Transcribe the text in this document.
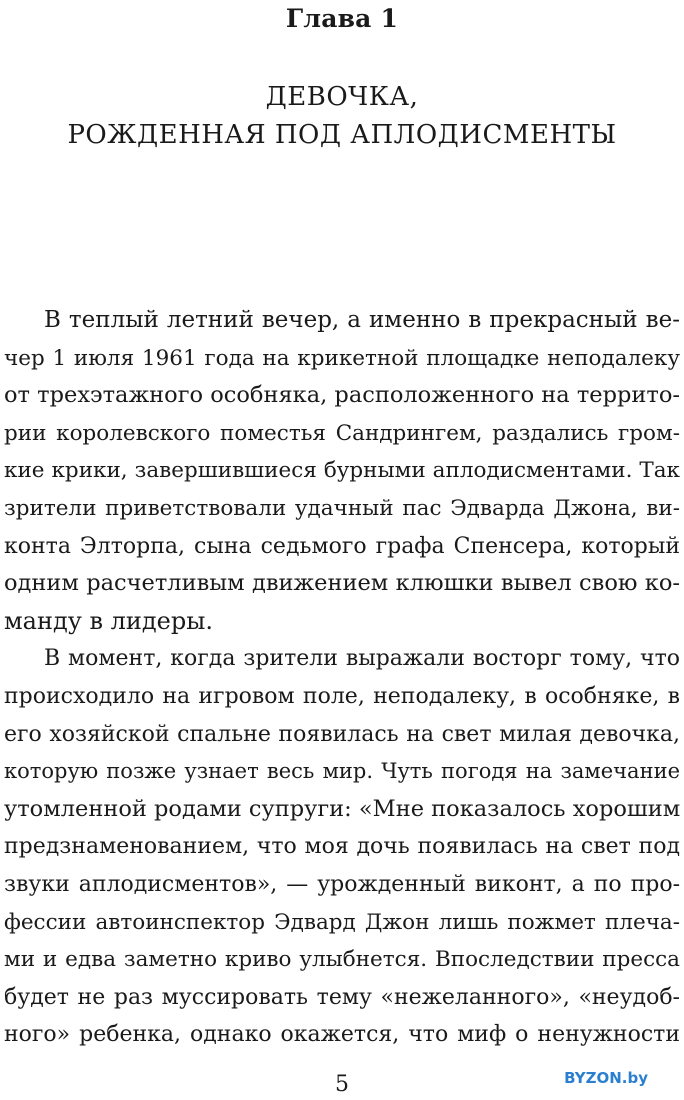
Глава 1
ДЕВОЧКА,
РОЖДЕННАЯ ПОД АПЛОДИСМЕНТЫ
В теплый летний вечер, а именно в прекрасный ве-
чер 1 июля 1961 года на крикетной площадке неподалеку
от трехэтажного особняка, расположенного на террито-
рии королевского поместья Сандрингем, раздались гром-
кие крики, завершившиеся бурными аплодисментами. Так
зрители приветствовали удачный пас Эдварда Джона, ви-
конта Элторпа, сына седьмого графа Спенсера, который
одним расчетливым движением клюшки вывел свою ко-
манду в лидеры.
В момент, когда зрители выражали восторг тому, что
происходило на игровом поле, неподалеку, в особняке, в
его хозяйской спальне появилась на свет милая девочка,
которую позже узнает весь мир. Чуть погодя на замечание
утомленной родами супруги: «Мне показалось хорошим
предзнаменованием, что моя дочь появилась на свет под
звуки аплодисментов», — урожденный виконт, а по про-
фессии автоинспектор Эдвард Джон лишь пожмет плеча-
ми и едва заметно криво улыбнется. Впоследствии пресса
будет не раз муссировать тему «нежеланного», «неудоб-
ного» ребенка, однако окажется, что миф о ненужности
5	BYZON.by
